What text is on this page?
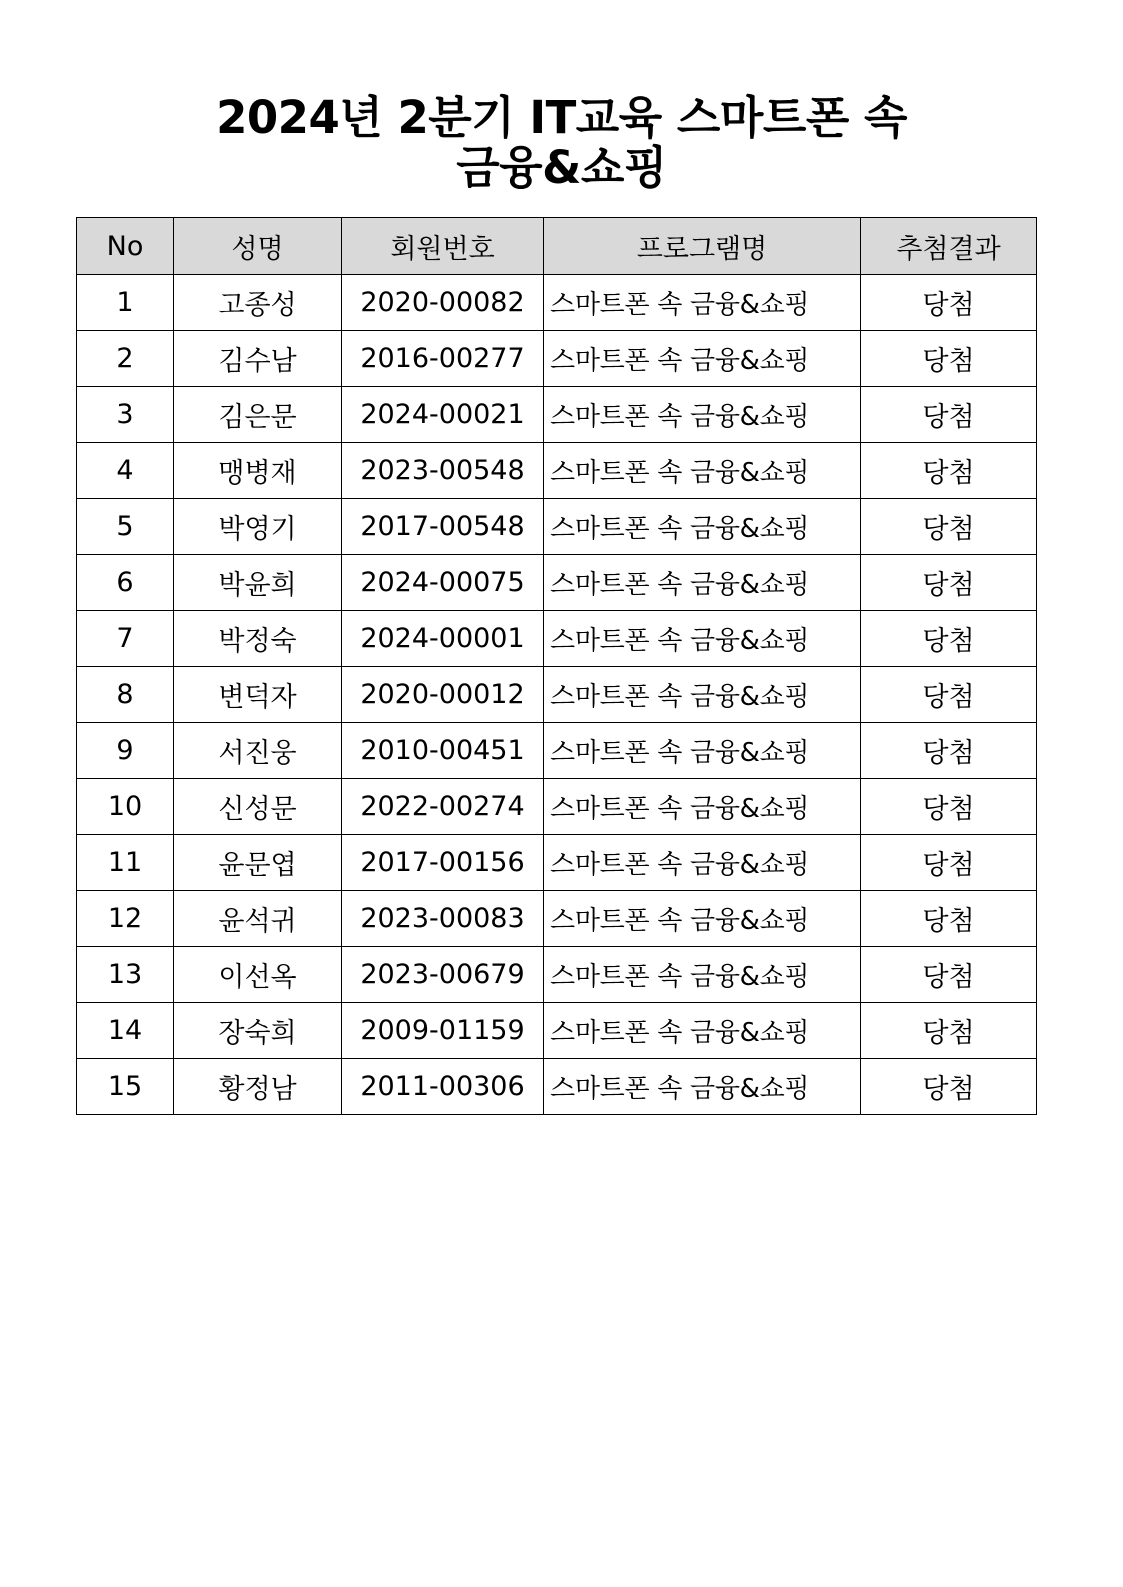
2024년 2분기 IT교육 스마트폰 속
금융&쇼핑
No	성명	회원번호	프로그램명	추첨결과
1	고종성	2020-00082	스마트폰 속 금융&쇼핑	당첨
2	김수남	2016-00277	스마트폰 속 금융&쇼핑	당첨
3	김은문	2024-00021	스마트폰 속 금융&쇼핑	당첨
4	맹병재	2023-00548	스마트폰 속 금융&쇼핑	당첨
5	박영기	2017-00548	스마트폰 속 금융&쇼핑	당첨
6	박윤희	2024-00075	스마트폰 속 금융&쇼핑	당첨
7	박정숙	2024-00001	스마트폰 속 금융&쇼핑	당첨
8	변덕자	2020-00012	스마트폰 속 금융&쇼핑	당첨
9	서진웅	2010-00451	스마트폰 속 금융&쇼핑	당첨
10	신성문	2022-00274	스마트폰 속 금융&쇼핑	당첨
11	윤문엽	2017-00156	스마트폰 속 금융&쇼핑	당첨
12	윤석귀	2023-00083	스마트폰 속 금융&쇼핑	당첨
13	이선옥	2023-00679	스마트폰 속 금융&쇼핑	당첨
14	장숙희	2009-01159	스마트폰 속 금융&쇼핑	당첨
15	황정남	2011-00306	스마트폰 속 금융&쇼핑	당첨
